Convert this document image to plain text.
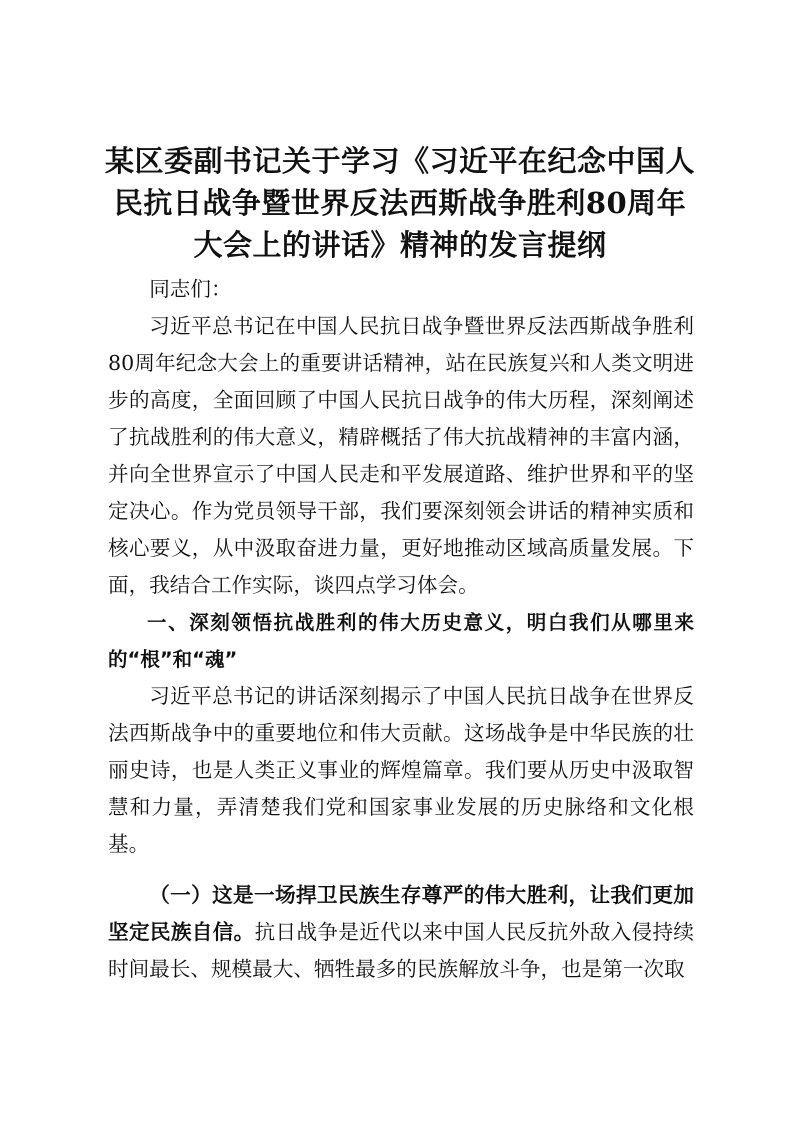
某区委副书记关于学习《习近平在纪念中国人民抗日战争暨世界反法西斯战争胜利80周年大会上的讲话》精神的发言提纲

同志们：

习近平总书记在中国人民抗日战争暨世界反法西斯战争胜利80周年纪念大会上的重要讲话精神，站在民族复兴和人类文明进步的高度，全面回顾了中国人民抗日战争的伟大历程，深刻阐述了抗战胜利的伟大意义，精辟概括了伟大抗战精神的丰富内涵，并向全世界宣示了中国人民走和平发展道路、维护世界和平的坚定决心。作为党员领导干部，我们要深刻领会讲话的精神实质和核心要义，从中汲取奋进力量，更好地推动区域高质量发展。下面，我结合工作实际，谈四点学习体会。

一、深刻领悟抗战胜利的伟大历史意义，明白我们从哪里来的“根”和“魂”

习近平总书记的讲话深刻揭示了中国人民抗日战争在世界反法西斯战争中的重要地位和伟大贡献。这场战争是中华民族的壮丽史诗，也是人类正义事业的辉煌篇章。我们要从历史中汲取智慧和力量，弄清楚我们党和国家事业发展的历史脉络和文化根基。

（一）这是一场捍卫民族生存尊严的伟大胜利，让我们更加坚定民族自信。抗日战争是近代以来中国人民反抗外敌入侵持续时间最长、规模最大、牺牲最多的民族解放斗争，也是第一次取
